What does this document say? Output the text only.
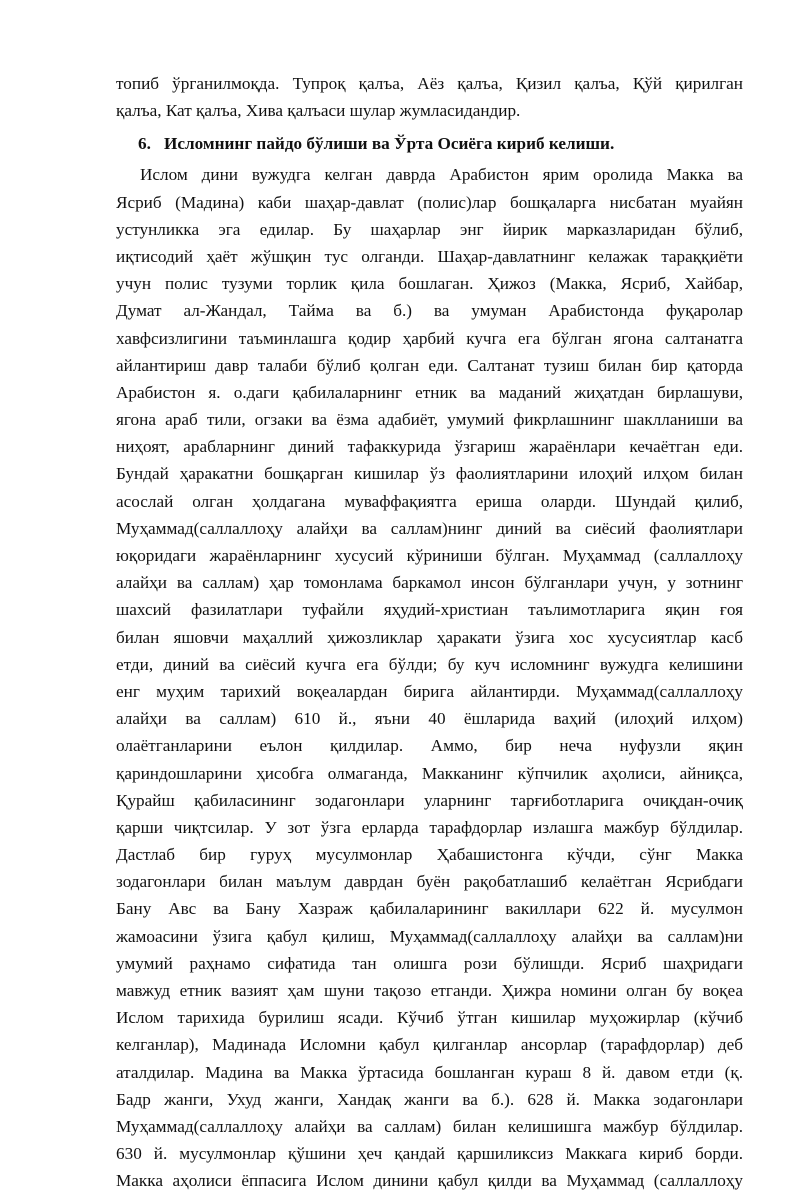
топиб ўрганилмоқда. Тупроқ қалъа, Аёз қалъа, Қизил қалъа, Қўй қирилган
қалъа, Кат қалъа, Хива қалъаси шулар жумласидандир.
6. Исломнинг пайдо бўлиши ва Ўрта Осиёга кириб келиши.
Ислом дини вужудга келган даврда Арабистон ярим оролида Макка ва
Ясриб (Мадина) каби шаҳар-давлат (полис)лар бошқаларга нисбатан муайян
устунликка эга едилар. Бу шаҳарлар энг йирик марказларидан бўлиб,
иқтисодий ҳаёт жўшқин тус олганди. Шаҳар-давлатнинг келажак тараққиёти
учун полис тузуми торлик қила бошлаган. Ҳижоз (Макка, Ясриб, Хайбар,
Думат ал-Жандал, Тайма ва б.) ва умуман Арабистонда фуқаролар
хавфсизлигини таъминлашга қодир ҳарбий кучга ега бўлган ягона салтанатга
айлантириш давр талаби бўлиб қолган еди. Салтанат тузиш билан бир қаторда
Арабистон я. о.даги қабилаларнинг етник ва маданий жиҳатдан бирлашуви,
ягона араб тили, огзаки ва ёзма адабиёт, умумий фикрлашнинг шаклланиши ва
ниҳоят, арабларнинг диний тафаккурида ўзгариш жараёнлари кечаётган еди.
Бундай ҳаракатни бошқарган кишилар ўз фаолиятларини илоҳий илҳом билан
асослай олган ҳолдагана муваффақиятга ериша оларди. Шундай қилиб,
Муҳаммад(саллаллоҳу алайҳи ва саллам)нинг диний ва сиёсий фаолиятлари
юқоридаги жараёнларнинг хусусий кўриниши бўлган. Муҳаммад (саллаллоҳу
алайҳи ва саллам) ҳар томонлама баркамол инсон бўлганлари учун, у зотнинг
шахсий фазилатлари туфайли яҳудий-христиан таълимотларига яқин ғоя
билан яшовчи маҳаллий ҳижозликлар ҳаракати ўзига хос хусусиятлар касб
етди, диний ва сиёсий кучга ега бўлди; бу куч исломнинг вужудга келишини
енг муҳим тарихий воқеалардан бирига айлантирди. Муҳаммад(саллаллоҳу
алайҳи ва саллам) 610 й., яъни 40 ёшларида ваҳий (илоҳий илҳом)
олаётганларини еълон қилдилар. Аммо, бир неча нуфузли яқин
қариндошларини ҳисобга олмаганда, Макканинг кўпчилик аҳолиси, айниқса,
Қурайш қабиласининг зодагонлари уларнинг тарғиботларига очиқдан-очиқ
қарши чиқтсилар. У зот ўзга ерларда тарафдорлар излашга мажбур бўлдилар.
Дастлаб бир гуруҳ мусулмонлар Ҳабашистонга кўчди, сўнг Макка
зодагонлари билан маълум даврдан буён рақобатлашиб келаётган Ясрибдаги
Бану Авс ва Бану Хазраж қабилаларининг вакиллари 622 й. мусулмон
жамоасини ўзига қабул қилиш, Муҳаммад(саллаллоҳу алайҳи ва саллам)ни
умумий раҳнамо сифатида тан олишга рози бўлишди. Ясриб шаҳридаги
мавжуд етник вазият ҳам шуни тақозо етганди. Ҳижра номини олган бу воқеа
Ислом тарихида бурилиш ясади. Кўчиб ўтган кишилар муҳожирлар (кўчиб
келганлар), Мадинада Исломни қабул қилганлар ансорлар (тарафдорлар) деб
аталдилар. Мадина ва Макка ўртасида бошланган кураш 8 й. давом етди (қ.
Бадр жанги, Ухуд жанги, Хандақ жанги ва б.). 628 й. Макка зодагонлари
Муҳаммад(саллаллоҳу алайҳи ва саллам) билан келишишга мажбур бўлдилар.
630 й. мусулмонлар қўшини ҳеч қандай қаршиликсиз Маккага кириб борди.
Макка аҳолиси ёппасига Ислом динини қабул қилди ва Муҳаммад (саллаллоҳу
